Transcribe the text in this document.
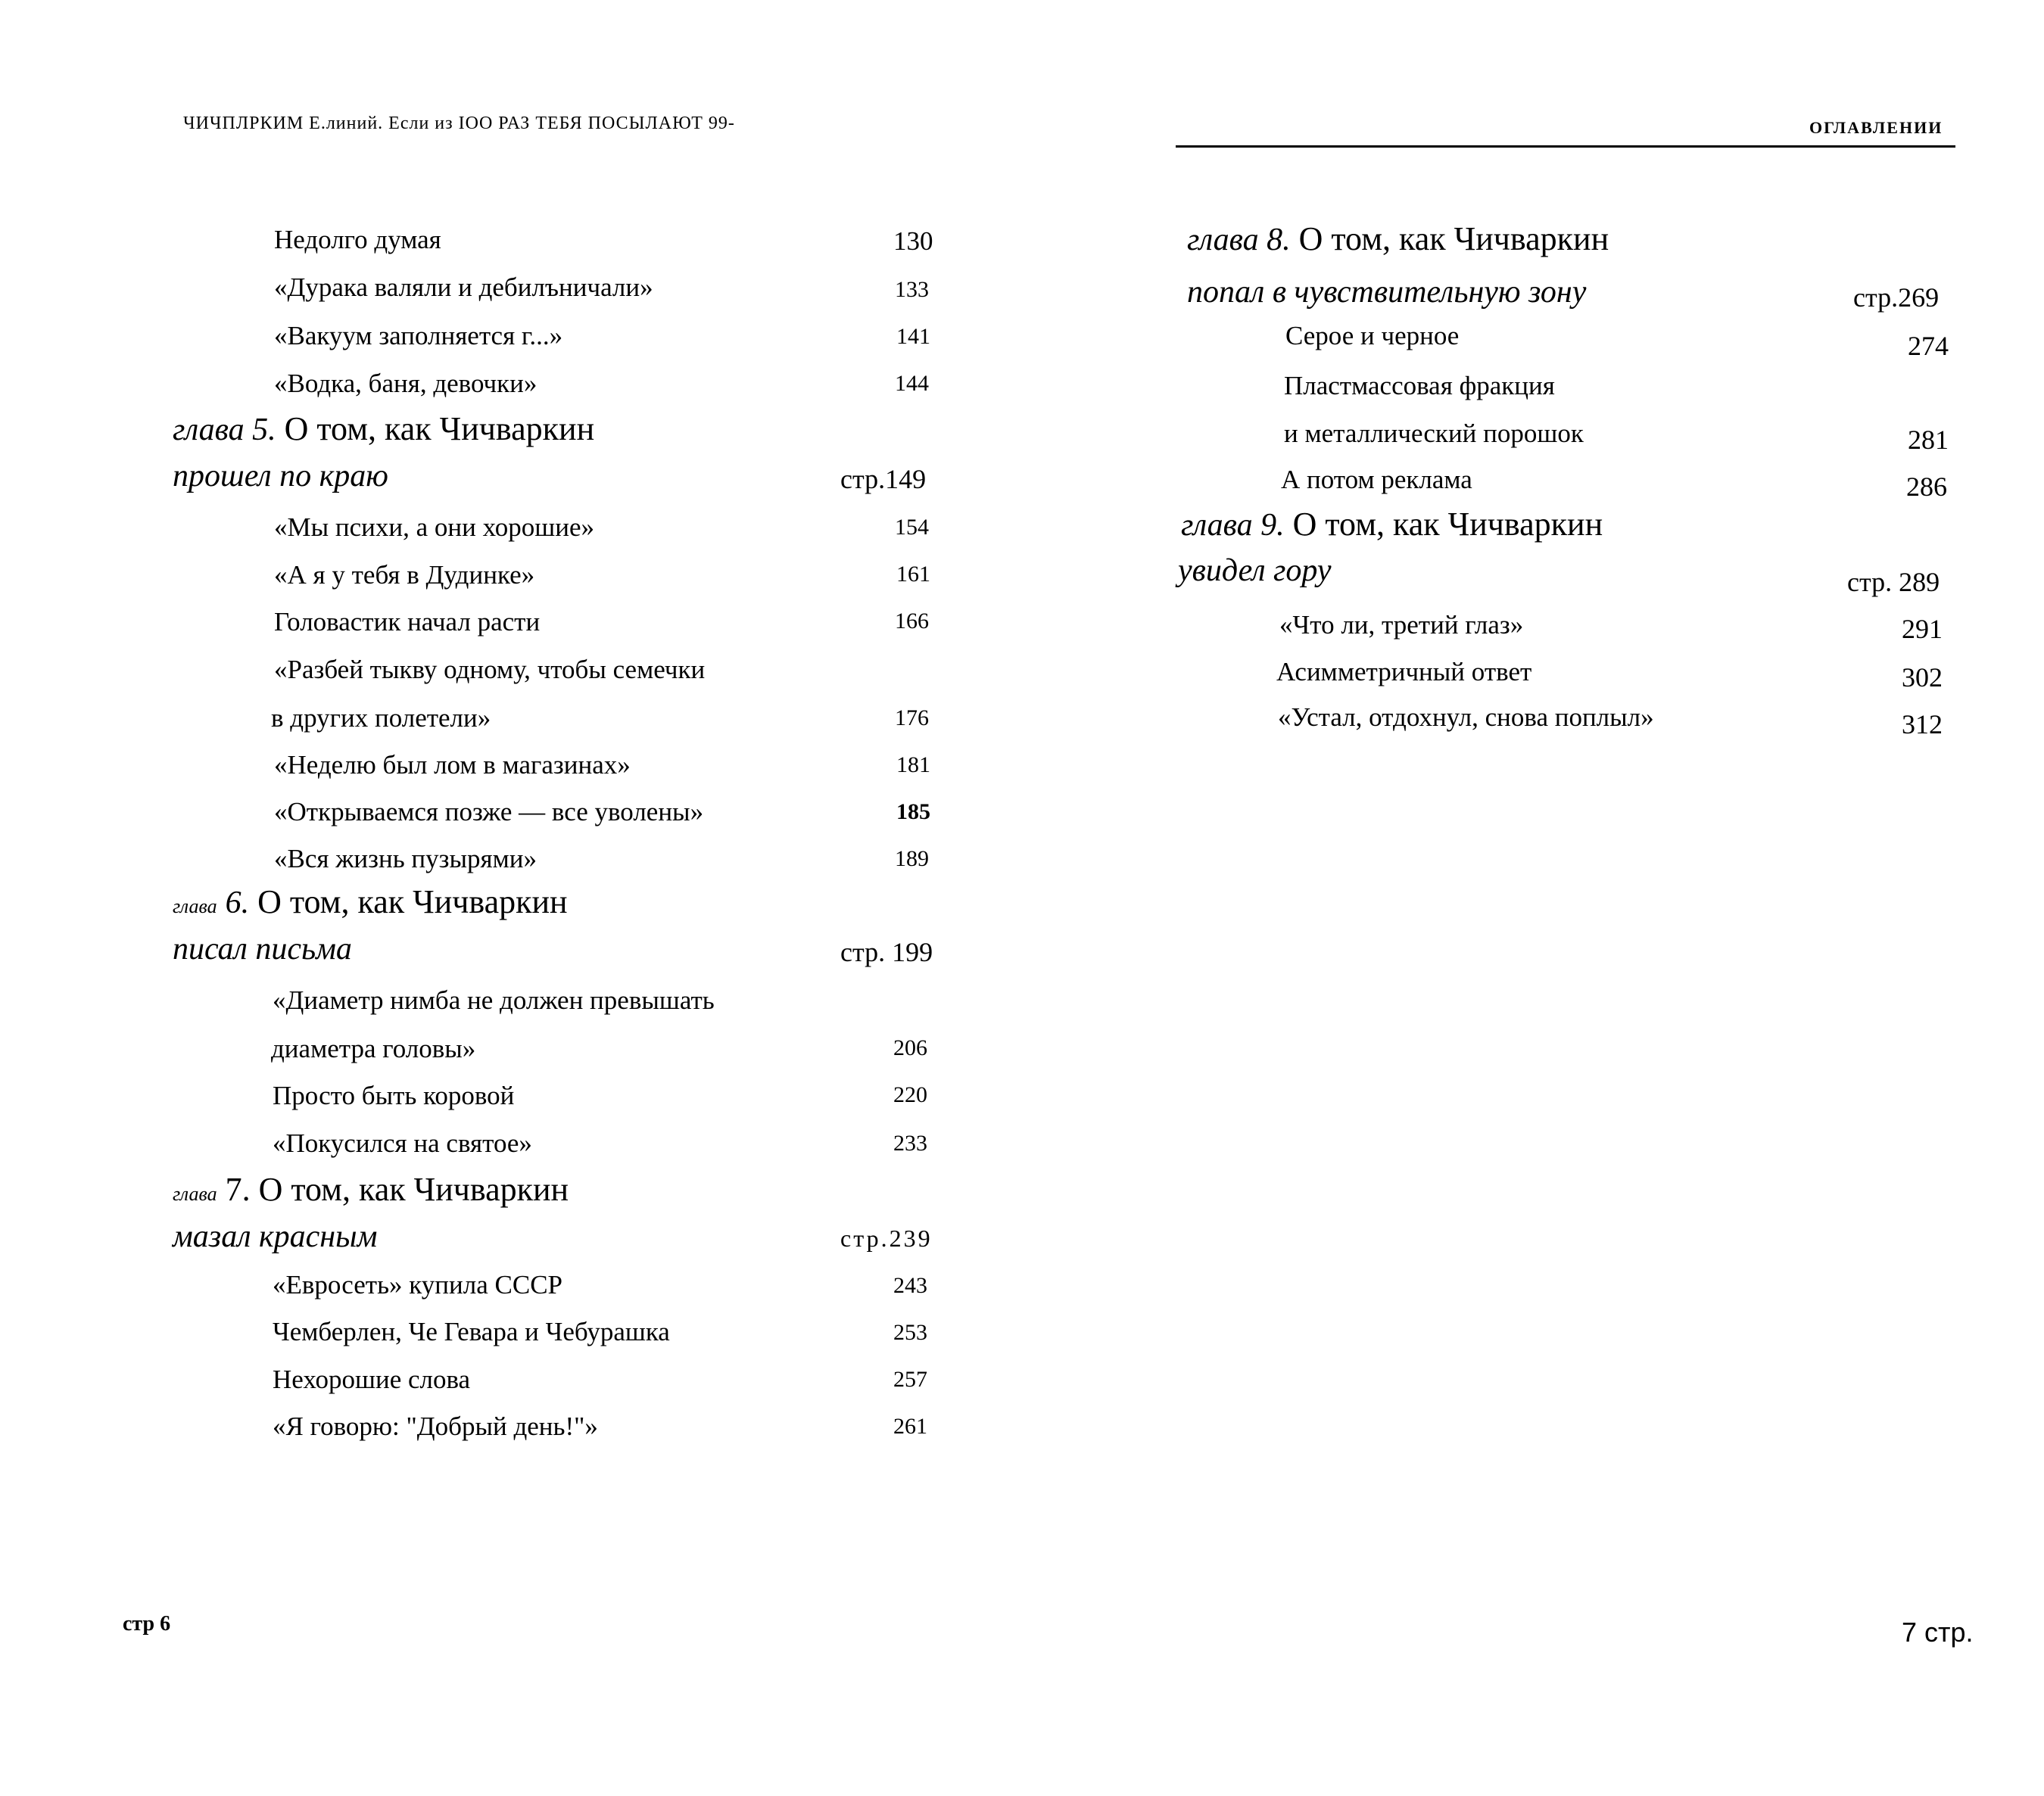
ЧИЧПЛРКИМ Е.линий. Если из IOO РАЗ ТЕБЯ ПОСЫЛАЮТ 99-	ОГЛАВЛЕНИИ
Недолго думая	130
«Дурака валяли и дебилъничали»	133
«Вакуум заполняется г...»	141
«Водка, баня, девочки»	144
глава 5. О том, как Чичваркин
прошел по краю	стр.149
«Мы психи, а они хорошие»	154
«А я у тебя в Дудинке»	161
Головастик начал расти	166
«Разбей тыкву одному, чтобы семечки
в других полетели»	176
«Неделю был лом в магазинах»	181
«Открываемся позже — все уволены»	185
«Вся жизнь пузырями»	189
глава 6. О том, как Чичваркин
писал письма	стр. 199
«Диаметр нимба не должен превышать
диаметра головы»	206
Просто быть коровой	220
«Покусился на святое»	233
глава 7. О том, как Чичваркин
мазал красным	стр.239
«Евросеть» купила СССР	243
Чемберлен, Че Гевара и Чебурашка	253
Нехорошие слова	257
«Я говорю: "Добрый день!"»	261
стр 6
глава 8. О том, как Чичваркин
попал в чувствительную зону	стр.269
Серое и черное	274
Пластмассовая фракция
и металлический порошок	281
А потом реклама	286
глава 9. О том, как Чичваркин
увидел гору	стр. 289
«Что ли, третий глаз»	291
Асимметричный ответ	302
«Устал, отдохнул, снова поплыл»	312
7 стр.
